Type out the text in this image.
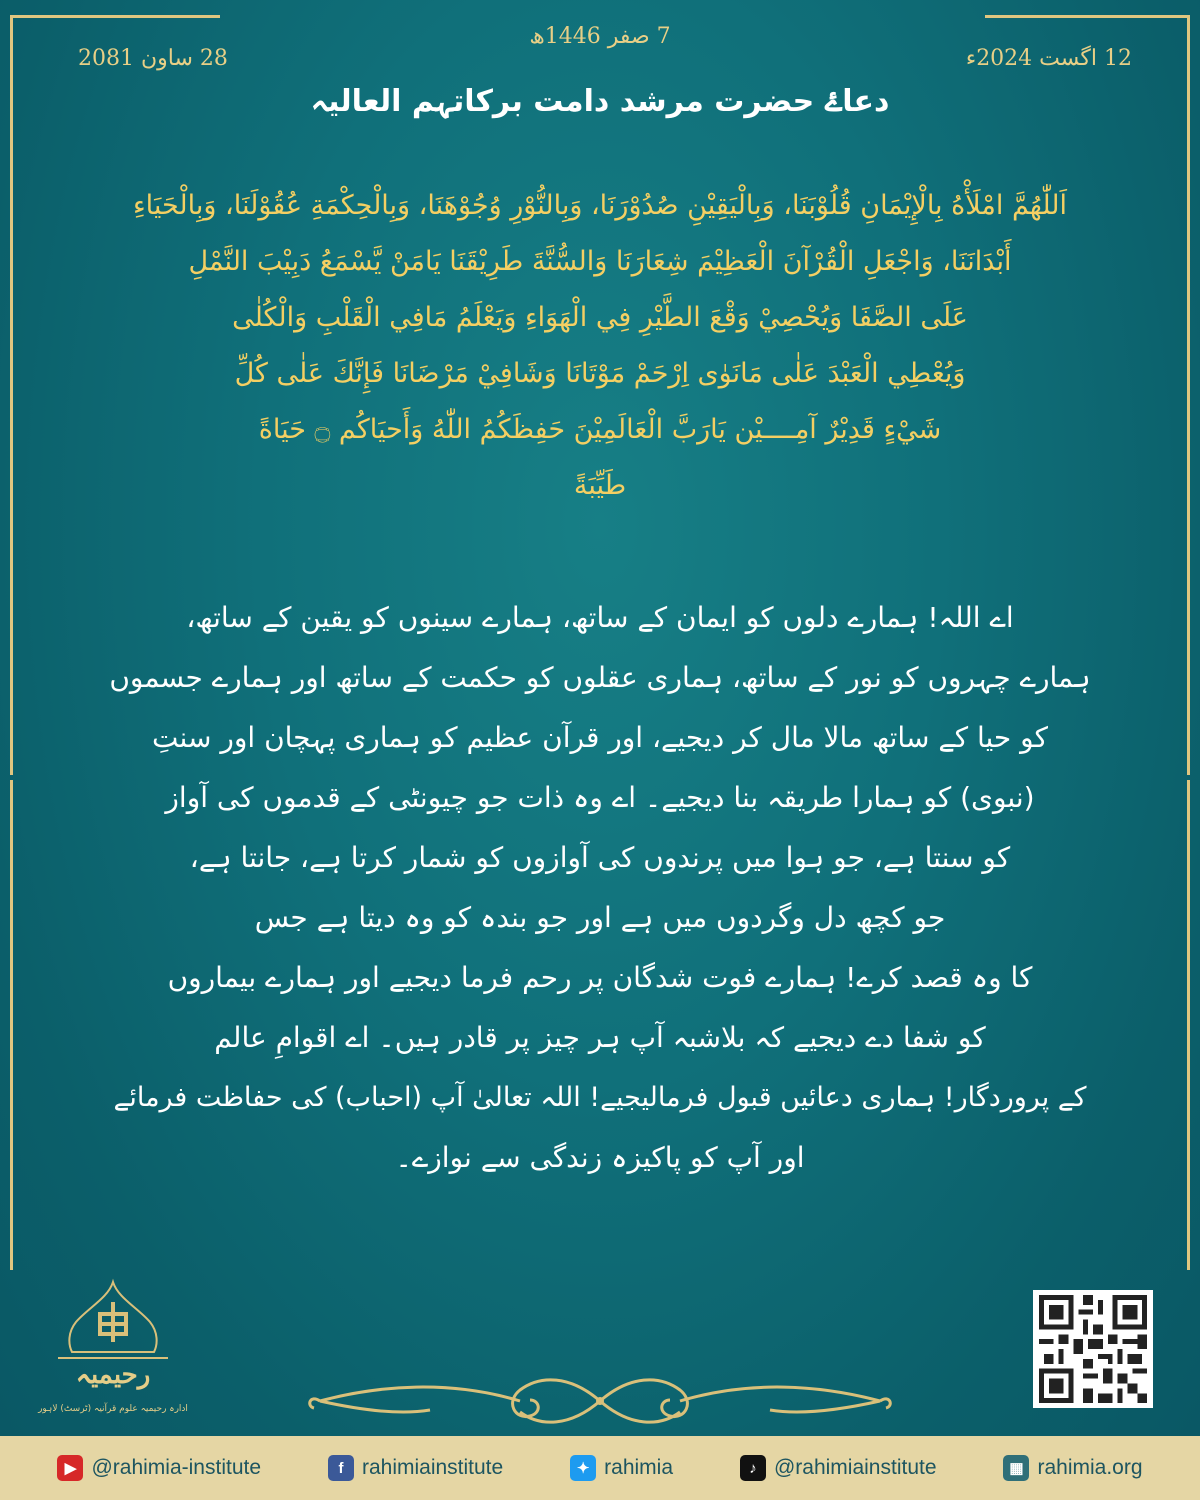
7 صفر 1446ھ
12 اگست 2024ء
28 ساون 2081
دعاۓ حضرت مرشد دامت برکاتہم العالیہ
اَللّٰهُمَّ امْلَأْهُ بِالْإِيْمَانِ قُلُوْبَنَا، وَبِالْيَقِيْنِ صُدُوْرَنَا، وَبِالنُّوْرِ وُجُوْهَنَا، وَبِالْحِكْمَةِ عُقُوْلَنَا، وَبِالْحَيَاءِ
أَبْدَانَنَا، وَاجْعَلِ الْقُرْآنَ الْعَظِيْمَ شِعَارَنَا وَالسُّنَّةَ طَرِيْقَنَا يَامَنْ يَّسْمَعُ دَبِيْبَ النَّمْلِ
عَلَى الصَّفَا وَيُحْصِيْ وَقْعَ الطَّيْرِ فِي الْهَوَاءِ وَيَعْلَمُ مَافِي الْقَلْبِ وَالْكُلٰى
وَيُعْطِي الْعَبْدَ عَلٰى مَانَوٰى اِرْحَمْ مَوْتَانَا وَشَافِيْ مَرْضَانَا فَإِنَّكَ عَلٰى كُلِّ
شَيْءٍ قَدِيْرٌ آمِــــيْن يَارَبَّ الْعَالَمِيْنَ حَفِظَكُمُ اللّٰهُ وَأَحيَاكُم ۝ حَيَاةً
طَيِّبَةً
اے اللہ! ہمارے دلوں کو ایمان کے ساتھ، ہمارے سینوں کو یقین کے ساتھ،
ہمارے چہروں کو نور کے ساتھ، ہماری عقلوں کو حکمت کے ساتھ اور ہمارے جسموں
کو حیا کے ساتھ مالا مال کر دیجیے، اور قرآن عظیم کو ہماری پہچان اور سنتِ
(نبوی) کو ہمارا طریقہ بنا دیجیے۔ اے وہ ذات جو چیونٹی کے قدموں کی آواز
کو سنتا ہے، جو ہوا میں پرندوں کی آوازوں کو شمار کرتا ہے، جانتا ہے،
جو کچھ دل وگردوں میں ہے اور جو بندہ کو وہ دیتا ہے جس
کا وہ قصد کرے! ہمارے فوت شدگان پر رحم فرما دیجیے اور ہمارے بیماروں
کو شفا دے دیجیے کہ بلاشبہ آپ ہر چیز پر قادر ہیں۔ اے اقوامِ عالم
کے پروردگار! ہماری دعائیں قبول فرمالیجیے! اللہ تعالیٰ آپ (احباب) کی حفاظت فرمائے
اور آپ کو پاکیزہ زندگی سے نوازے۔
رحیمیہ
ادارہ رحیمیہ علوم قرآنیہ (ٹرسٹ) لاہور
▶ @rahimia-institute	f rahimiainstitute	✦ rahimia	♪ @rahimiainstitute	▦ rahimia.org
